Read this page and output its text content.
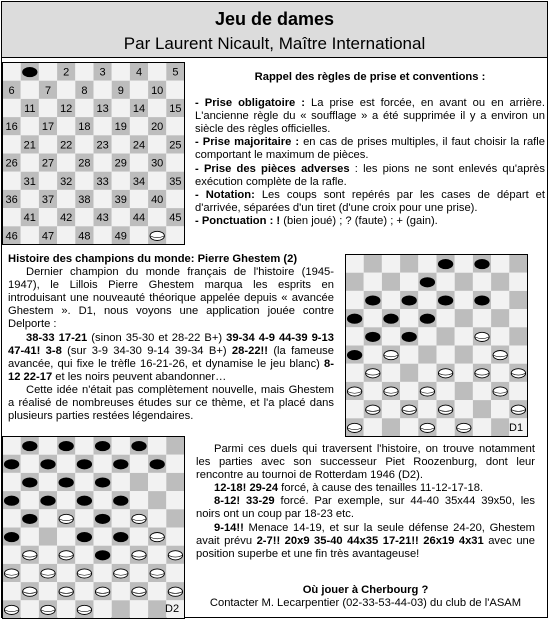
Jeu de dames
Par Laurent Nicault, Maître International
2	3	4	5
6	7	8	9 10
11 12 13 14 15
16 17 18 19 20
21 22 23 24 25
26 27 28 29 30
31 32 33 34 35
36 37 38 39 40
41 42 43 44 45
46 47 48 49

Rappel des règles de prise et conventions :

- Prise obligatoire : La prise est forcée, en avant ou en arrière. L'ancienne règle du « soufflage » a été supprimée il y a environ un siècle des règles officielles.

- Prise majoritaire : en cas de prises multiples, il faut choisir la rafle comportant le maximum de pièces.

- Prise des pièces adverses : les pions ne sont enlevés qu'après exécution complète de la rafle.

- Notation: Les coups sont repérés par les cases de départ et d'arrivée, séparées d'un tiret (d'une croix pour une prise).

- Ponctuation : ! (bien joué) ; ? (faute) ; + (gain).

Histoire des champions du monde: Pierre Ghestem (2)

Dernier champion du monde français de l'histoire (1945-1947), le Lillois Pierre Ghestem marqua les esprits en introduisant une nouveauté théorique appelée depuis « avancée Ghestem ». D1, nous voyons une application jouée contre Delporte :

38-33 17-21 (sinon 35-30 et 28-22 B+) 39-34 4-9 44-39 9-13 47-41! 3-8 (sur 3-9 34-30 9-14 39-34 B+) 28-22!! (la fameuse avancée, qui fixe le trèfle 16-21-26, et dynamise le jeu blanc) 8-12 22-17 et les noirs peuvent abandonner…

Cette idée n'était pas complètement nouvelle, mais Ghestem a réalisé de nombreuses études sur ce thème, et l'a placé dans plusieurs parties restées légendaires.

D1
D2

Parmi ces duels qui traversent l'histoire, on trouve notamment les parties avec son successeur Piet Roozenburg, dont leur rencontre au tournoi de Rotterdam 1946 (D2).

12-18! 29-24 forcé, à cause des tenailles 11-12-17-18.

8-12! 33-29 forcé. Par exemple, sur 44-40 35x44 39x50, les noirs ont un coup par 18-23 etc.

9-14!! Menace 14-19, et sur la seule défense 24-20, Ghestem avait prévu 2-7!! 20x9 35-40 44x35 17-21!! 26x19 4x31 avec une position superbe et une fin très avantageuse!

Où jouer à Cherbourg ?

Contacter M. Lecarpentier (02-33-53-44-03) du club de l'ASAM
